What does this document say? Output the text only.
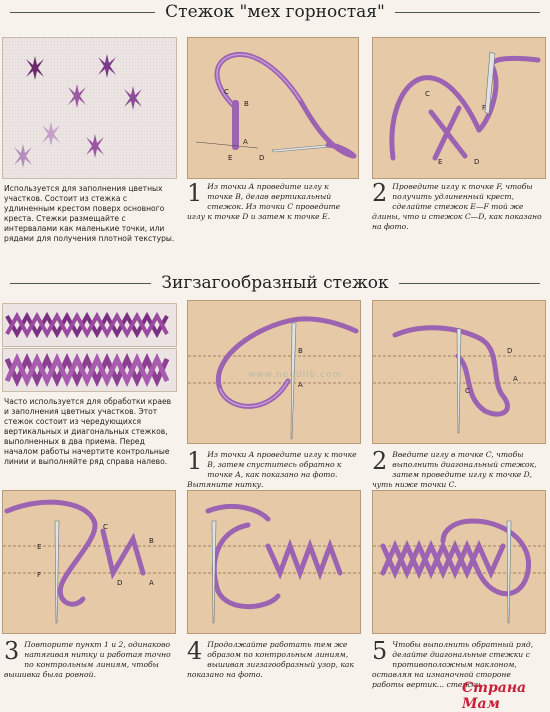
Стежок "мех горностая"
Используется для заполнения цветных участков. Состоит из стежка с удлиненным крестом поверх основного креста. Стежки размещайте с интервалами как маленькие точки, или рядами для получения плотной текстуры.
B
C
A
E	D
1 Из точки A проведите иглу к точке B, делав вертикальный стежок. Из точки C проведите иглу к точке D и затем к точке E.
C
F
E	D
2 Проведите иглу к точке F, чтобы получить удлиненный крест, сделайте стежок E—F той же длины, что и стежок C—D, как показано на фото.
Зигзагообразный стежок
Часто используется для обработки краев и заполнения цветных участков. Этот стежок состоит из чередующихся вертикальных и диагональных стежков, выполненных в два приема. Перед началом работы начертите контрольные линии и выполняйте ряд справа налево.
B
A
www.needlib.com
1 Из точки A проведите иглу к точке B, затем спуститесь обратно к точке A, как показано на фото. Вытяните нитку.
D
C
A
2 Введите иглу в точке C, чтобы выполнить диагональный стежок, затем проведите иглу к точке D, чуть ниже точки C.
C
B
E
D
F
A
3 Повторите пункт 1 и 2, одинаково натягивая нитку и работая точно по контрольным линиям, чтобы вышивка была ровной.
4 Продолжайте работать тем же образом по контрольным линиям, вышивая зигзагообразный узор, как показано на фото.
5 Чтобы выполнить обратный ряд, делайте диагональные стежки с противоположным наклоном, оставляя на изнаночной стороне работы вертик... стежки.
Страна Мам
